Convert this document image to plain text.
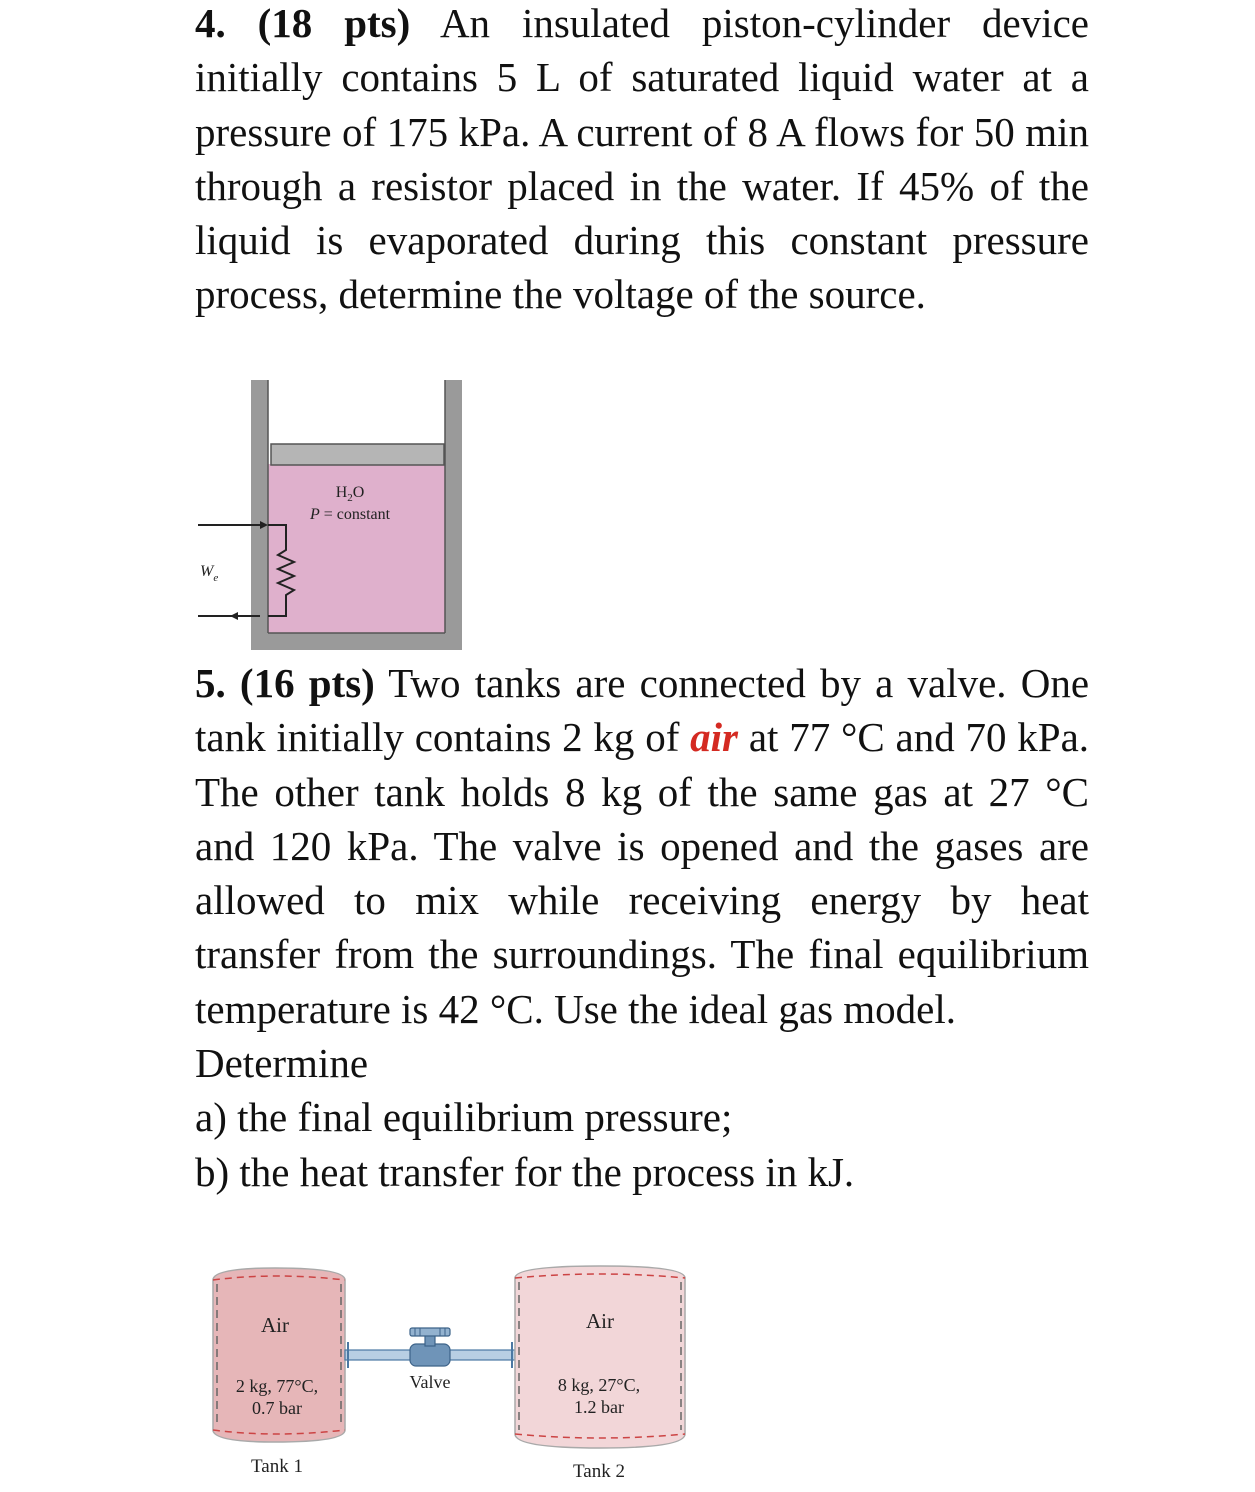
4. (18 pts) An insulated piston-cylinder device initially contains 5 L of saturated liquid water at a pressure of 175 kPa. A current of 8 A flows for 50 min through a resistor placed in the water. If 45% of the liquid is evaporated during this constant pressure process, determine the voltage of the source.
$H_2O$
P = constant
$W_e$
5. (16 pts) Two tanks are connected by a valve. One tank initially contains 2 kg of air at 77 °C and 70 kPa. The other tank holds 8 kg of the same gas at 27 °C and 120 kPa. The valve is opened and the gases are allowed to mix while receiving energy by heat transfer from the surroundings. The final equilibrium temperature is 42 °C. Use the ideal gas model.
Determine
a) the final equilibrium pressure;
b) the heat transfer for the process in kJ.
Air
2 kg, 77°C,
0.7 bar
Tank 1
Valve
Air
8 kg, 27°C,
1.2 bar
Tank 2
